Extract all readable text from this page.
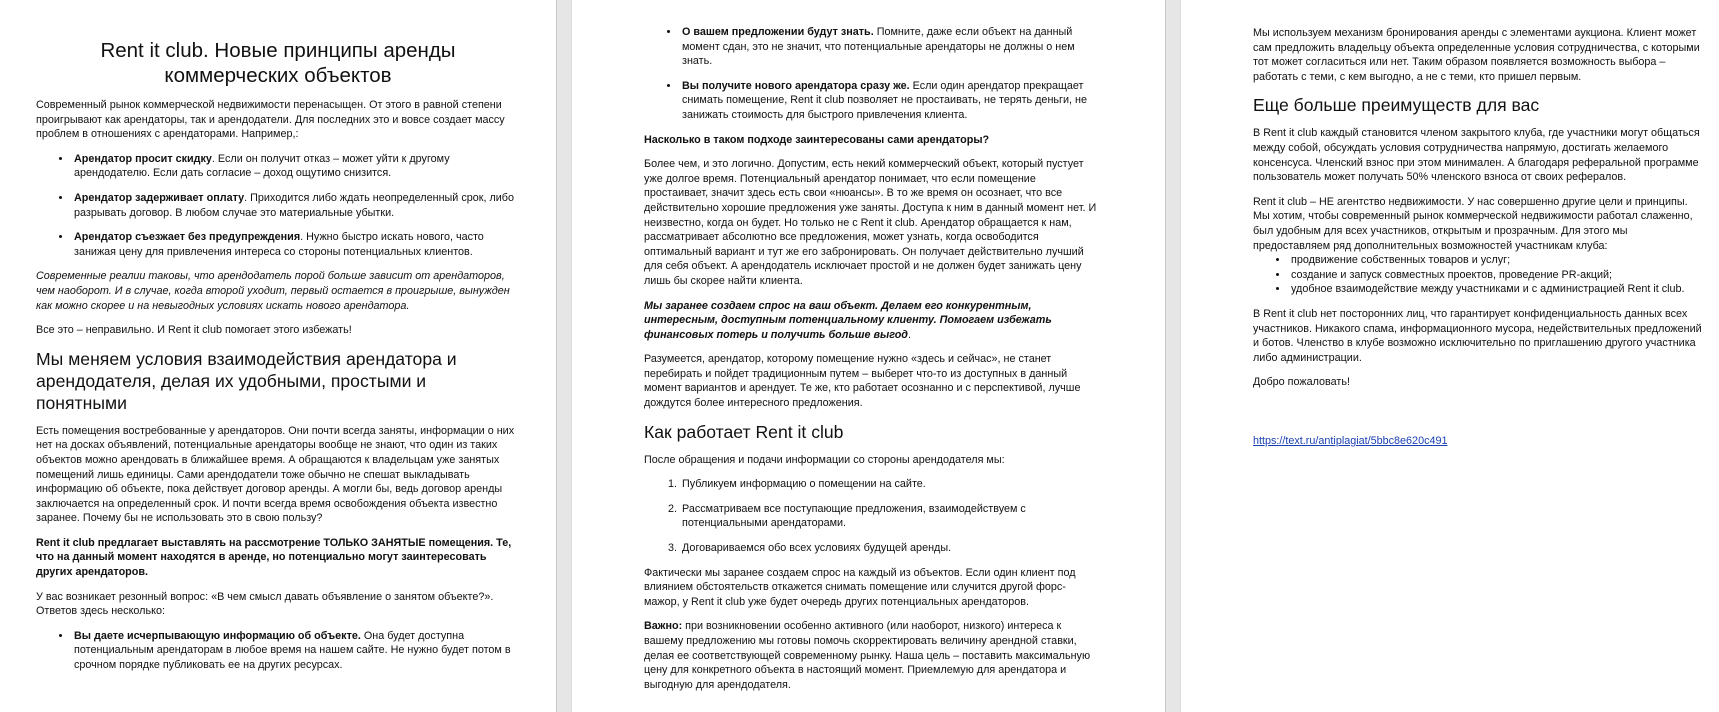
Rent it club. Новые принципы аренды коммерческих объектов

Современный рынок коммерческой недвижимости перенасыщен. От этого в равной степени проигрывают как арендаторы, так и арендодатели. Для последних это и вовсе создает массу проблем в отношениях с арендаторами. Например,:

• Арендатор просит скидку. Если он получит отказ – может уйти к другому арендодателю. Если дать согласие – доход ощутимо снизится.
• Арендатор задерживает оплату. Приходится либо ждать неопределенный срок, либо разрывать договор. В любом случае это материальные убытки.
• Арендатор съезжает без предупреждения. Нужно быстро искать нового, часто занижая цену для привлечения интереса со стороны потенциальных клиентов.

Современные реалии таковы, что арендодатель порой больше зависит от арендаторов, чем наоборот. И в случае, когда второй уходит, первый остается в проигрыше, вынужден как можно скорее и на невыгодных условиях искать нового арендатора.

Все это – неправильно. И Rent it club помогает этого избежать!

Мы меняем условия взаимодействия арендатора и арендодателя, делая их удобными, простыми и понятными

Есть помещения востребованные у арендаторов. Они почти всегда заняты, информации о них нет на досках объявлений, потенциальные арендаторы вообще не знают, что один из таких объектов можно арендовать в ближайшее время. А обращаются к владельцам уже занятых помещений лишь единицы. Сами арендодатели тоже обычно не спешат выкладывать информацию об объекте, пока действует договор аренды. А могли бы, ведь договор аренды заключается на определенный срок. И почти всегда время освобождения объекта известно заранее. Почему бы не использовать это в свою пользу?

Rent it club предлагает выставлять на рассмотрение ТОЛЬКО ЗАНЯТЫЕ помещения. Те, что на данный момент находятся в аренде, но потенциально могут заинтересовать других арендаторов.

У вас возникает резонный вопрос: «В чем смысл давать объявление о занятом объекте?». Ответов здесь несколько:

• Вы даете исчерпывающую информацию об объекте. Она будет доступна потенциальным арендаторам в любое время на нашем сайте. Не нужно будет потом в срочном порядке публиковать ее на других ресурсах.
• О вашем предложении будут знать. Помните, даже если объект на данный момент сдан, это не значит, что потенциальные арендаторы не должны о нем знать.
• Вы получите нового арендатора сразу же. Если один арендатор прекращает снимать помещение, Rent it club позволяет не простаивать, не терять деньги, не занижать стоимость для быстрого привлечения клиента.

Насколько в таком подходе заинтересованы сами арендаторы?

Более чем, и это логично. Допустим, есть некий коммерческий объект, который пустует уже долгое время. Потенциальный арендатор понимает, что если помещение простаивает, значит здесь есть свои «нюансы». В то же время он осознает, что все действительно хорошие предложения уже заняты. Доступа к ним в данный момент нет. И неизвестно, когда он будет. Но только не с Rent it club. Арендатор обращается к нам, рассматривает абсолютно все предложения, может узнать, когда освободится оптимальный вариант и тут же его забронировать. Он получает действительно лучший для себя объект. А арендодатель исключает простой и не должен будет занижать цену лишь бы скорее найти клиента.

Мы заранее создаем спрос на ваш объект. Делаем его конкурентным, интересным, доступным потенциальному клиенту. Помогаем избежать финансовых потерь и получить больше выгод.

Разумеется, арендатор, которому помещение нужно «здесь и сейчас», не станет перебирать и пойдет традиционным путем – выберет что-то из доступных в данный момент вариантов и арендует. Те же, кто работает осознанно и с перспективой, лучше дождутся более интересного предложения.

Как работает Rent it club

После обращения и подачи информации со стороны арендодателя мы:

1. Публикуем информацию о помещении на сайте.
2. Рассматриваем все поступающие предложения, взаимодействуем с потенциальными арендаторами.
3. Договариваемся обо всех условиях будущей аренды.

Фактически мы заранее создаем спрос на каждый из объектов. Если один клиент под влиянием обстоятельств откажется снимать помещение или случится другой форс-мажор, у Rent it club уже будет очередь других потенциальных арендаторов.

Важно: при возникновении особенно активного (или наоборот, низкого) интереса к вашему предложению мы готовы помочь скорректировать величину арендной ставки, делая ее соответствующей современному рынку. Наша цель – поставить максимальную цену для конкретного объекта в настоящий момент. Приемлемую для арендатора и выгодную для арендодателя.

Мы используем механизм бронирования аренды с элементами аукциона. Клиент может сам предложить владельцу объекта определенные условия сотрудничества, с которыми тот может согласиться или нет. Таким образом появляется возможность выбора – работать с теми, с кем выгодно, а не с теми, кто пришел первым.

Еще больше преимуществ для вас

В Rent it club каждый становится членом закрытого клуба, где участники могут общаться между собой, обсуждать условия сотрудничества напрямую, достигать желаемого консенсуса. Членский взнос при этом минимален. А благодаря реферальной программе пользователь может получать 50% членского взноса от своих рефералов.

Rent it club – НЕ агентство недвижимости. У нас совершенно другие цели и принципы. Мы хотим, чтобы современный рынок коммерческой недвижимости работал слаженно, был удобным для всех участников, открытым и прозрачным. Для этого мы предоставляем ряд дополнительных возможностей участникам клуба:

• продвижение собственных товаров и услуг;
• создание и запуск совместных проектов, проведение PR-акций;
• удобное взаимодействие между участниками и с администрацией Rent it club.

В Rent it club нет посторонних лиц, что гарантирует конфиденциальность данных всех участников. Никакого спама, информационного мусора, недействительных предложений и ботов. Членство в клубе возможно исключительно по приглашению другого участника либо администрации.

Добро пожаловать!

https://text.ru/antiplagiat/5bbc8e620c491
